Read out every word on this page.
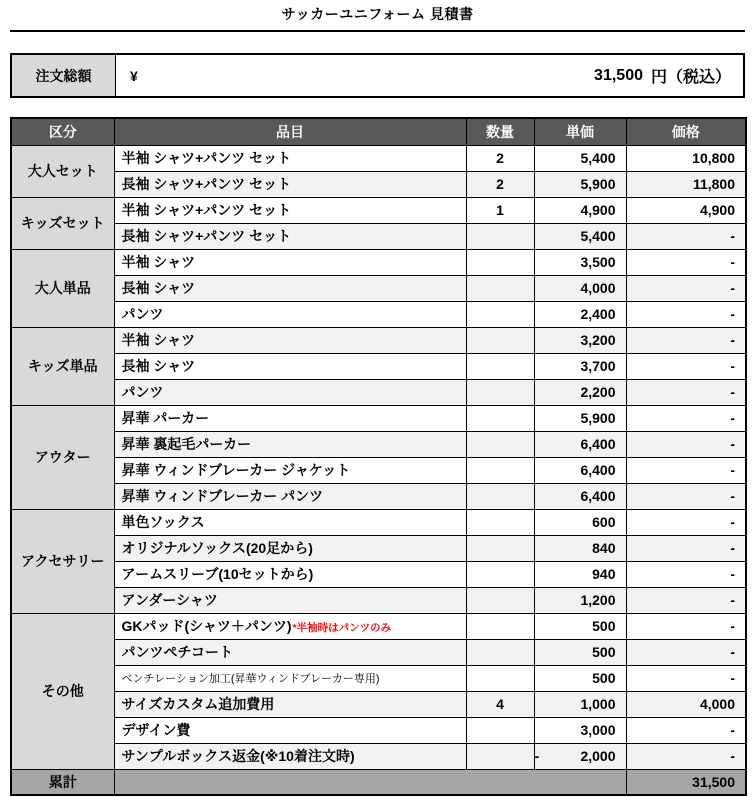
サッカーユニフォーム 見積書
注文総額	¥	31,500 円（税込）
区分	品目	数量	単価	価格
大人セット	半袖 シャツ+パンツ セット	2	5,400	10,800
	長袖 シャツ+パンツ セット	2	5,900	11,800
キッズセット	半袖 シャツ+パンツ セット	1	4,900	4,900
	長袖 シャツ+パンツ セット		5,400	-
大人単品	半袖 シャツ		3,500	-
	長袖 シャツ		4,000	-
	パンツ		2,400	-
キッズ単品	半袖 シャツ		3,200	-
	長袖 シャツ		3,700	-
	パンツ		2,200	-
アウター	昇華 パーカー		5,900	-
	昇華 裏起毛パーカー		6,400	-
	昇華 ウィンドブレーカー ジャケット		6,400	-
	昇華 ウィンドブレーカー パンツ		6,400	-
アクセサリー	単色ソックス		600	-
	オリジナルソックス(20足から)		840	-
	アームスリーブ(10セットから)		940	-
	アンダーシャツ		1,200	-
その他	GKパッド(シャツ＋パンツ)*半袖時はパンツのみ		500	-
	パンツペチコート		500	-
	ベンチレーション加工(昇華ウィンドブレーカー専用)		500	-
	サイズカスタム追加費用	4	1,000	4,000
	デザイン費		3,000	-
	サンプルボックス返金(※10着注文時)		- 2,000	-
累計				31,500
